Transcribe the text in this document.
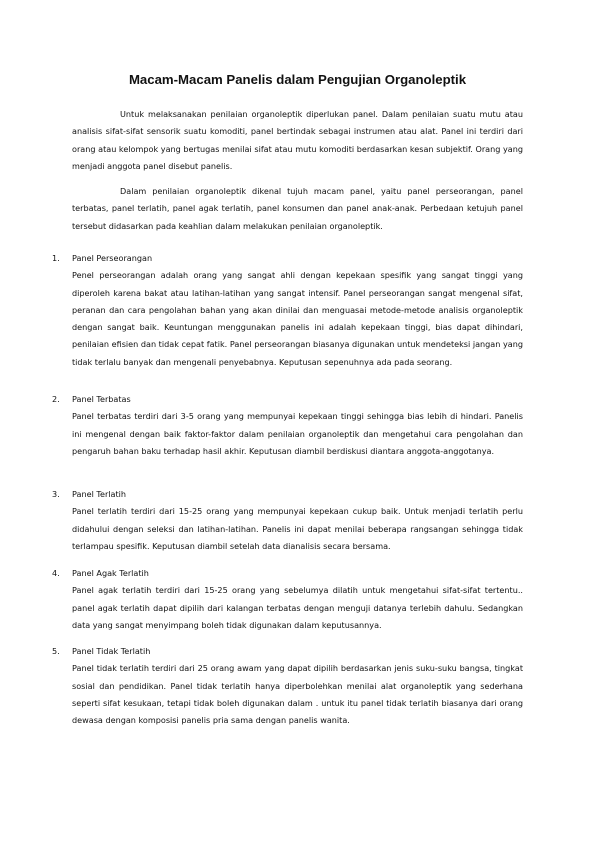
Macam-Macam Panelis dalam Pengujian Organoleptik

Untuk melaksanakan penilaian organoleptik diperlukan panel. Dalam penilaian suatu mutu atau analisis sifat-sifat sensorik suatu komoditi, panel bertindak sebagai instrumen atau alat. Panel ini terdiri dari orang atau kelompok yang bertugas menilai sifat atau mutu komoditi berdasarkan kesan subjektif. Orang yang menjadi anggota panel disebut panelis.

Dalam penilaian organoleptik dikenal tujuh macam panel, yaitu panel perseorangan, panel terbatas, panel terlatih, panel agak terlatih, panel konsumen dan panel anak-anak. Perbedaan ketujuh panel tersebut didasarkan pada keahlian dalam melakukan penilaian organoleptik.

1.	Panel Perseorangan

Penel perseorangan adalah orang yang sangat ahli dengan kepekaan spesifik yang sangat tinggi yang diperoleh karena bakat atau latihan-latihan yang sangat intensif. Panel perseorangan sangat mengenal sifat, peranan dan cara pengolahan bahan yang akan dinilai dan menguasai metode-metode analisis organoleptik dengan sangat baik. Keuntungan menggunakan panelis ini adalah kepekaan tinggi, bias dapat dihindari, penilaian efisien dan tidak cepat fatik. Panel perseorangan biasanya digunakan untuk mendeteksi jangan yang tidak terlalu banyak dan mengenali penyebabnya. Keputusan sepenuhnya ada pada seorang.

2.	Panel Terbatas

Panel terbatas terdiri dari 3-5 orang yang mempunyai kepekaan tinggi sehingga bias lebih di hindari. Panelis ini mengenal dengan baik faktor-faktor dalam penilaian organoleptik dan mengetahui cara pengolahan dan pengaruh bahan baku terhadap hasil akhir. Keputusan diambil berdiskusi diantara anggota-anggotanya.

3.	Panel Terlatih

Panel terlatih terdiri dari 15-25 orang yang mempunyai kepekaan cukup baik. Untuk menjadi terlatih perlu didahului dengan seleksi dan latihan-latihan. Panelis ini dapat menilai beberapa rangsangan sehingga tidak terlampau spesifik. Keputusan diambil setelah data dianalisis secara bersama.

4.	Panel Agak Terlatih

Panel agak terlatih terdiri dari 15-25 orang yang sebelumya dilatih untuk mengetahui sifat-sifat tertentu.. panel agak terlatih dapat dipilih dari kalangan terbatas dengan menguji datanya terlebih dahulu. Sedangkan data yang sangat menyimpang boleh tidak digunakan dalam keputusannya.

5.	Panel Tidak Terlatih

Panel tidak terlatih terdiri dari 25 orang awam yang dapat dipilih berdasarkan jenis suku-suku bangsa, tingkat sosial dan pendidikan. Panel tidak terlatih hanya diperbolehkan menilai alat organoleptik yang sederhana seperti sifat kesukaan, tetapi tidak boleh digunakan dalam . untuk itu panel tidak terlatih biasanya dari orang dewasa dengan komposisi panelis pria sama dengan panelis wanita.
